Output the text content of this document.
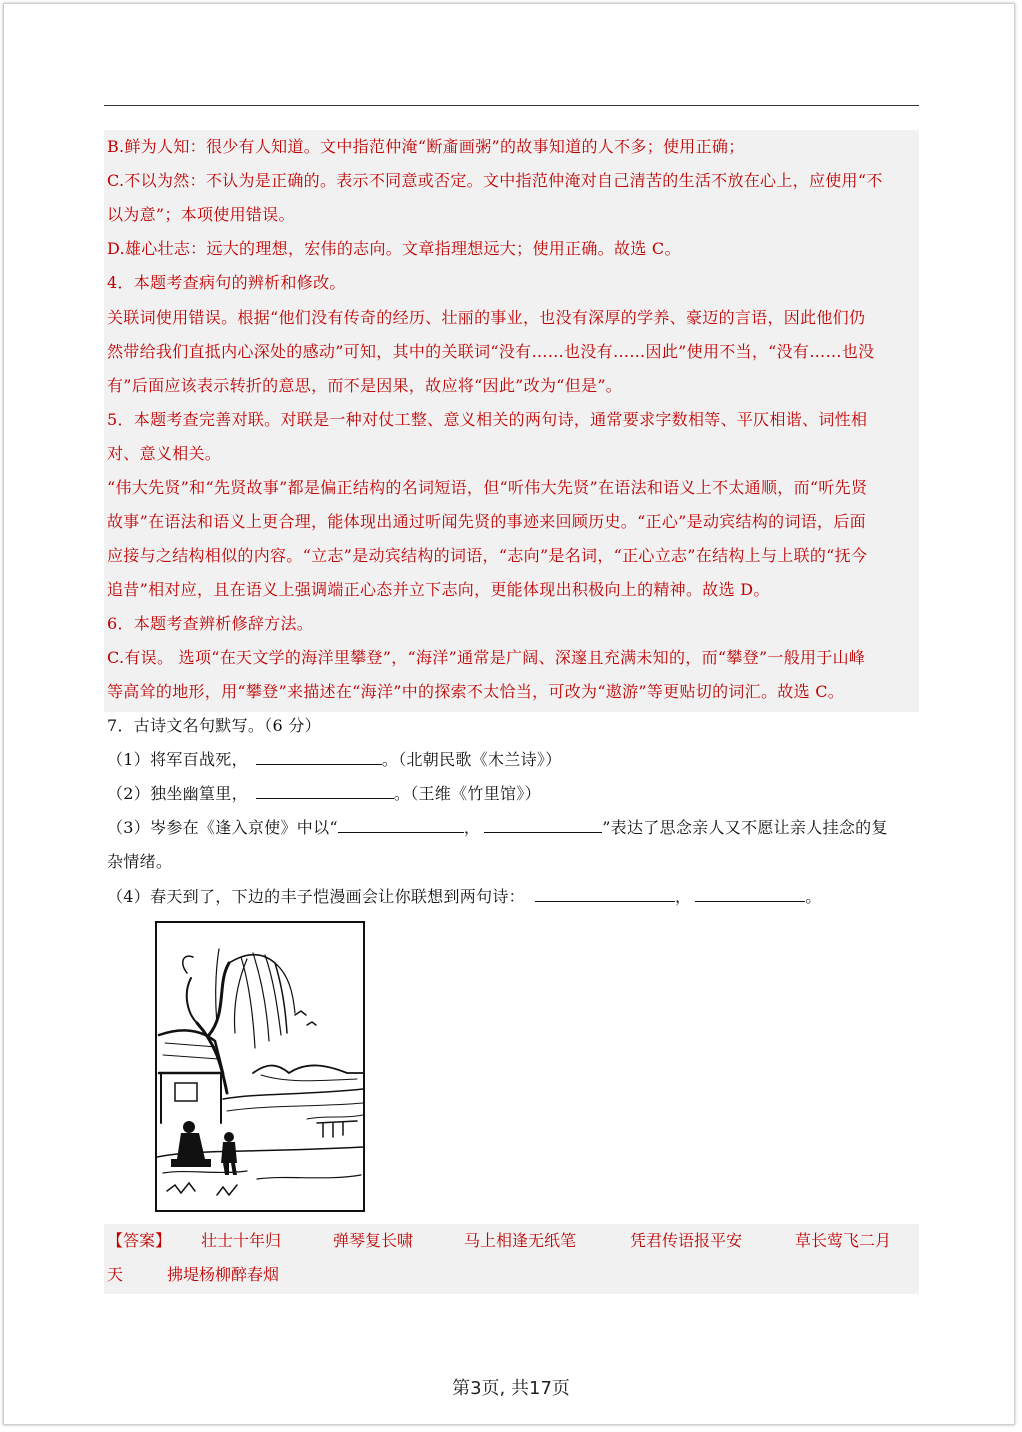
B.鲜为人知：很少有人知道。文中指范仲淹“断齑画粥”的故事知道的人不多；使用正确；
C.不以为然：不认为是正确的。表示不同意或否定。文中指范仲淹对自己清苦的生活不放在心上，应使用“不
以为意”；本项使用错误。
D.雄心壮志：远大的理想，宏伟的志向。文章指理想远大；使用正确。故选 C。
4．本题考查病句的辨析和修改。
关联词使用错误。根据“他们没有传奇的经历、壮丽的事业，也没有深厚的学养、豪迈的言语，因此他们仍
然带给我们直抵内心深处的感动”可知，其中的关联词“没有……也没有……因此”使用不当，“没有……也没
有”后面应该表示转折的意思，而不是因果，故应将“因此”改为“但是”。
5．本题考查完善对联。对联是一种对仗工整、意义相关的两句诗，通常要求字数相等、平仄相谐、词性相
对、意义相关。
“伟大先贤”和“先贤故事”都是偏正结构的名词短语，但“听伟大先贤”在语法和语义上不太通顺，而“听先贤
故事”在语法和语义上更合理，能体现出通过听闻先贤的事迹来回顾历史。“正心”是动宾结构的词语，后面
应接与之结构相似的内容。“立志”是动宾结构的词语，“志向”是名词，“正心立志”在结构上与上联的“抚今
追昔”相对应，且在语义上强调端正心态并立下志向，更能体现出积极向上的精神。故选 D。
6．本题考查辨析修辞方法。
C.有误。 选项“在天文学的海洋里攀登”，“海洋”通常是广阔、深邃且充满未知的，而“攀登”一般用于山峰
等高耸的地形，用“攀登”来描述在“海洋”中的探索不太恰当，可改为“遨游”等更贴切的词汇。故选 C。
7．古诗文名句默写。（6 分）
（1）将军百战死，	。（北朝民歌《木兰诗》）
（2）独坐幽篁里，	。（王维《竹里馆》）
（3）岑参在《逢入京使》中以“	，	”表达了思念亲人又不愿让亲人挂念的复
杂情绪。
（4）春天到了，下边的丰子恺漫画会让你联想到两句诗：	，	。
【答案】 壮士十年归	弹琴复长啸	马上相逢无纸笔	凭君传语报平安	草长莺飞二月
天	拂堤杨柳醉春烟
第3页, 共17页
